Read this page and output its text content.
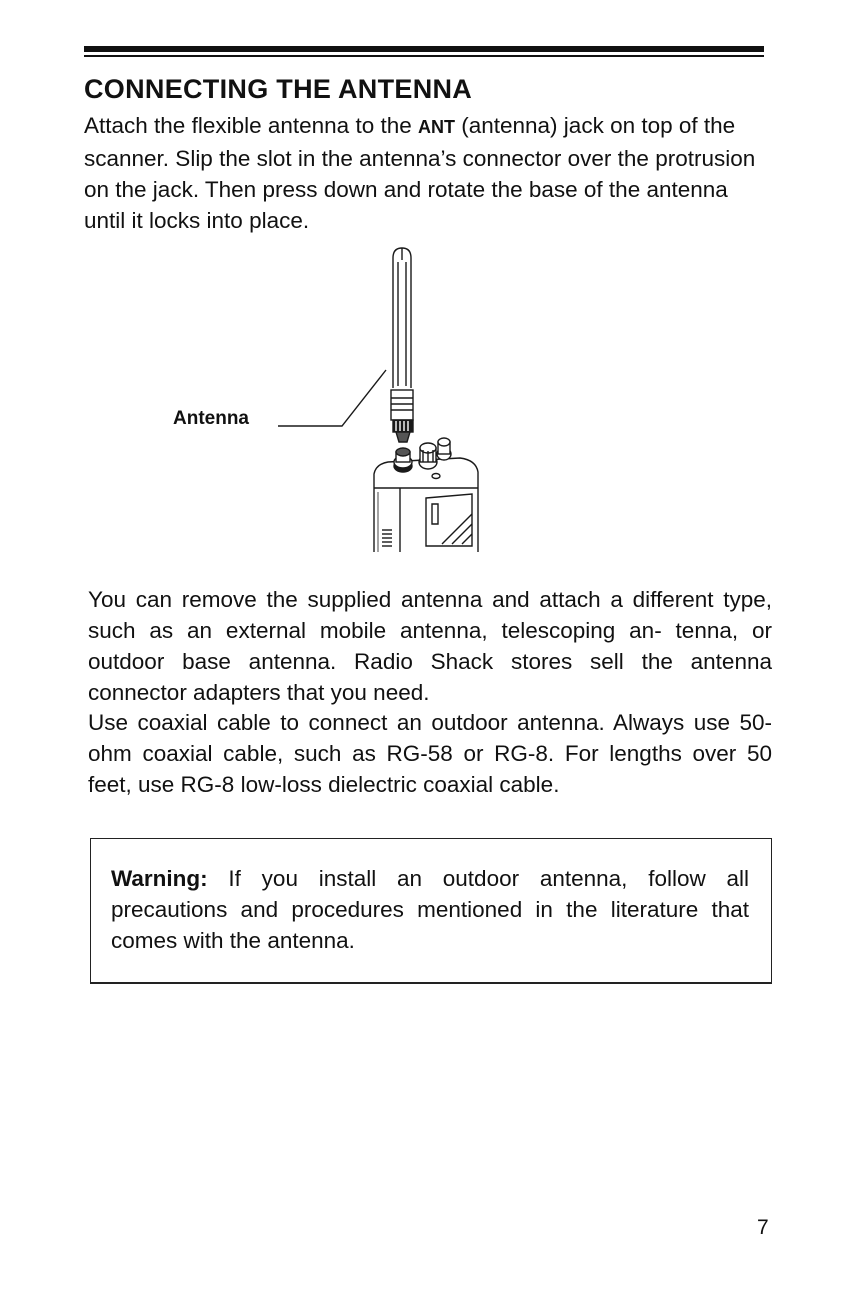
CONNECTING THE ANTENNA

Attach the flexible antenna to the ANT (antenna) jack on top of the scanner. Slip the slot in the antenna’s connector over the protrusion on the jack. Then press down and rotate the base of the antenna until it locks into place.

Antenna

You can remove the supplied antenna and attach a different type, such as an external mobile antenna, telescoping an- tenna, or outdoor base antenna. Radio Shack stores sell the antenna connector adapters that you need.

Use coaxial cable to connect an outdoor antenna. Always use 50-ohm coaxial cable, such as RG-58 or RG-8. For lengths over 50 feet, use RG-8 low-loss dielectric coaxial cable.

Warning: If you install an outdoor antenna, follow all precautions and procedures mentioned in the literature that comes with the antenna.

7
